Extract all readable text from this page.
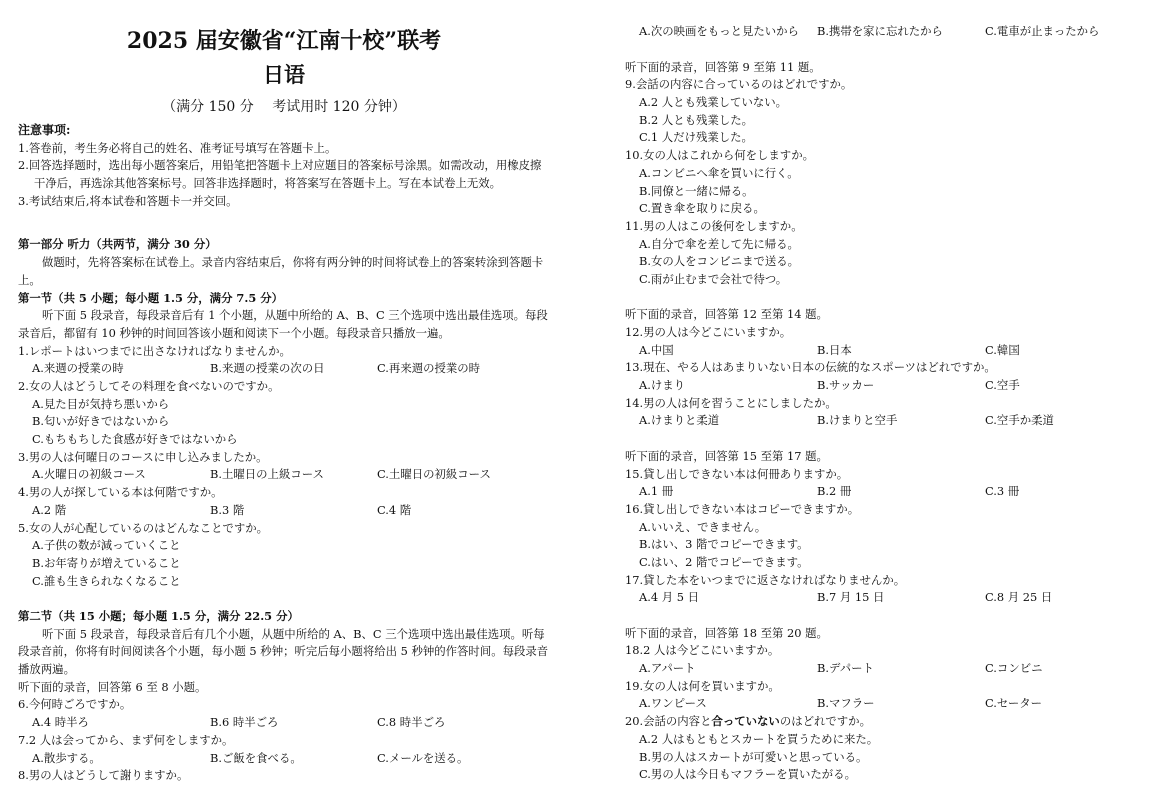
2025 届安徽省“江南十校”联考
日语
（满分 150 分　 考试用时 120 分钟）
注意事项:
1.答卷前，考生务必将自己的姓名、准考证号填写在答题卡上。
2.回答选择题时，选出每小题答案后，用铅笔把答题卡上对应题目的答案标号涂黑。如需改动，用橡皮擦干净后，再选涂其他答案标号。回答非选择题时，将答案写在答题卡上。写在本试卷上无效。
3.考试结束后,将本试卷和答题卡一并交回。
第一部分 听力（共两节，满分 30 分）
做题时，先将答案标在试卷上。录音内容结束后，你将有两分钟的时间将试卷上的答案转涂到答题卡上。
第一节（共 5 小题；每小题 1.5 分，满分 7.5 分）
听下面 5 段录音，每段录音后有 1 个小题，从题中所给的 A、B、C 三个选项中选出最佳选项。每段录音后，都留有 10 秒钟的时间回答该小题和阅读下一个小题。每段录音只播放一遍。
1.レポートはいつまでに出さなければなりませんか。
A.来週の授業の時	B.来週の授業の次の日	C.再来週の授業の時
2.女の人はどうしてその料理を食べないのですか。
A.見た目が気持ち悪いから
B.匂いが好きではないから
C.もちもちした食感が好きではないから
3.男の人は何曜日のコースに申し込みましたか。
A.火曜日の初級コース	B.土曜日の上級コース	C.土曜日の初級コース
4.男の人が探している本は何階ですか。
A.2 階	B.3 階	C.4 階
5.女の人が心配しているのはどんなことですか。
A.子供の数が減っていくこと
B.お年寄りが増えていること
C.誰も生きられなくなること
第二节（共 15 小题；每小题 1.5 分，满分 22.5 分）
听下面 5 段录音，每段录音后有几个小题，从题中所给的 A、B、C 三个选项中选出最佳选项。听每段录音前，你将有时间阅读各个小题，每小题 5 秒钟；听完后每小题将给出 5 秒钟的作答时间。每段录音播放两遍。
听下面的录音，回答第 6 至 8 小题。
6.今何時ごろですか。
A.4 時半ろ	B.6 時半ごろ	C.8 時半ごろ
7.2 人は会ってから、まず何をしますか。
A.散歩する。	B.ご飯を食べる。	C.メールを送る。
8.男の人はどうして謝りますか。
A.次の映画をもっと見たいから	B.携帯を家に忘れたから	C.電車が止まったから
听下面的录音，回答第 9 至第 11 题。
9.会話の内容に合っているのはどれですか。
A.2 人とも残業していない。
B.2 人とも残業した。
C.1 人だけ残業した。
10.女の人はこれから何をしますか。
A.コンビニへ傘を買いに行く。
B.同僚と一緒に帰る。
C.置き傘を取りに戻る。
11.男の人はこの後何をしますか。
A.自分で傘を差して先に帰る。
B.女の人をコンビニまで送る。
C.雨が止むまで会社で待つ。
听下面的录音，回答第 12 至第 14 题。
12.男の人は今どこにいますか。
A.中国	B.日本	C.韓国
13.現在、やる人はあまりいない日本の伝統的なスポーツはどれですか。
A.けまり	B.サッカー	C.空手
14.男の人は何を習うことにしましたか。
A.けまりと柔道	B.けまりと空手	C.空手か柔道
听下面的录音，回答第 15 至第 17 题。
15.貸し出しできない本は何冊ありますか。
A.1 冊	B.2 冊	C.3 冊
16.貸し出しできない本はコピーできますか。
A.いいえ、できません。
B.はい、3 階でコピーできます。
C.はい、2 階でコピーできます。
17.貸した本をいつまでに返さなければなりませんか。
A.4 月 5 日	B.7 月 15 日	C.8 月 25 日
听下面的录音，回答第 18 至第 20 题。
18.2 人は今どこにいますか。
A.アパート	B.デパート	C.コンビニ
19.女の人は何を買いますか。
A.ワンピース	B.マフラー	C.セーター
20.会話の内容と合っていないのはどれですか。
A.2 人はもともとスカートを買うために来た。
B.男の人はスカートが可愛いと思っている。
C.男の人は今日もマフラーを買いたがる。
